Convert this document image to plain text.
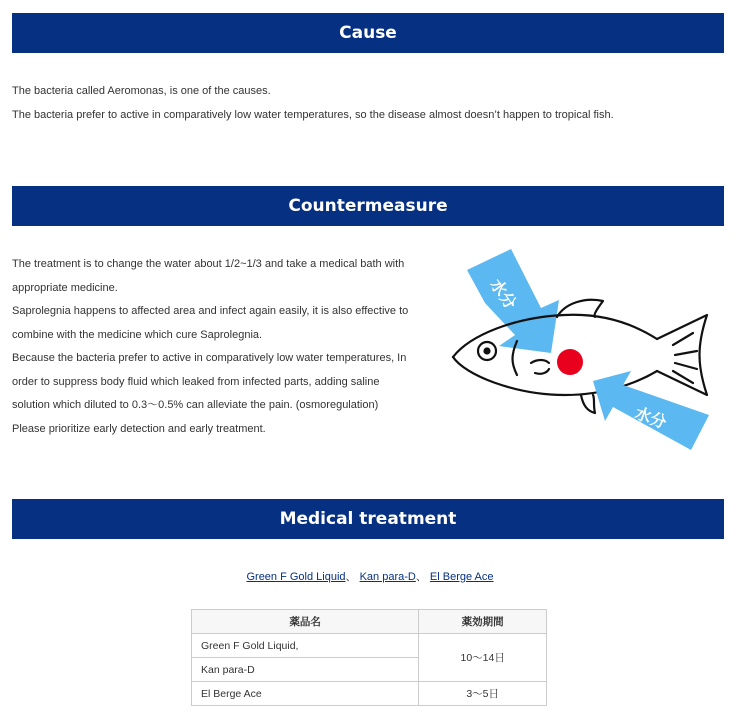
Cause

The bacteria called Aeromonas, is one of the causes.

The bacteria prefer to active in comparatively low water temperatures, so the disease almost doesn’t happen to tropical fish.

Countermeasure

The treatment is to change the water about 1/2~1/3 and take a medical bath with appropriate medicine.

Saprolegnia happens to affected area and infect again easily, it is also effective to combine with the medicine which cure Saprolegnia.

Because the bacteria prefer to active in comparatively low water temperatures, In order to suppress body fluid which leaked from infected parts, adding saline solution which diluted to 0.3～0.5% can alleviate the pain. (osmoregulation)

Please prioritize early detection and early treatment.

水分
水分
Medical treatment
Green F Gold Liquid、 Kan para-D、 El Berge Ace
薬品名	薬効期間
Green F Gold Liquid,	10〜14日
Kan para-D	
El Berge Ace	3〜5日
